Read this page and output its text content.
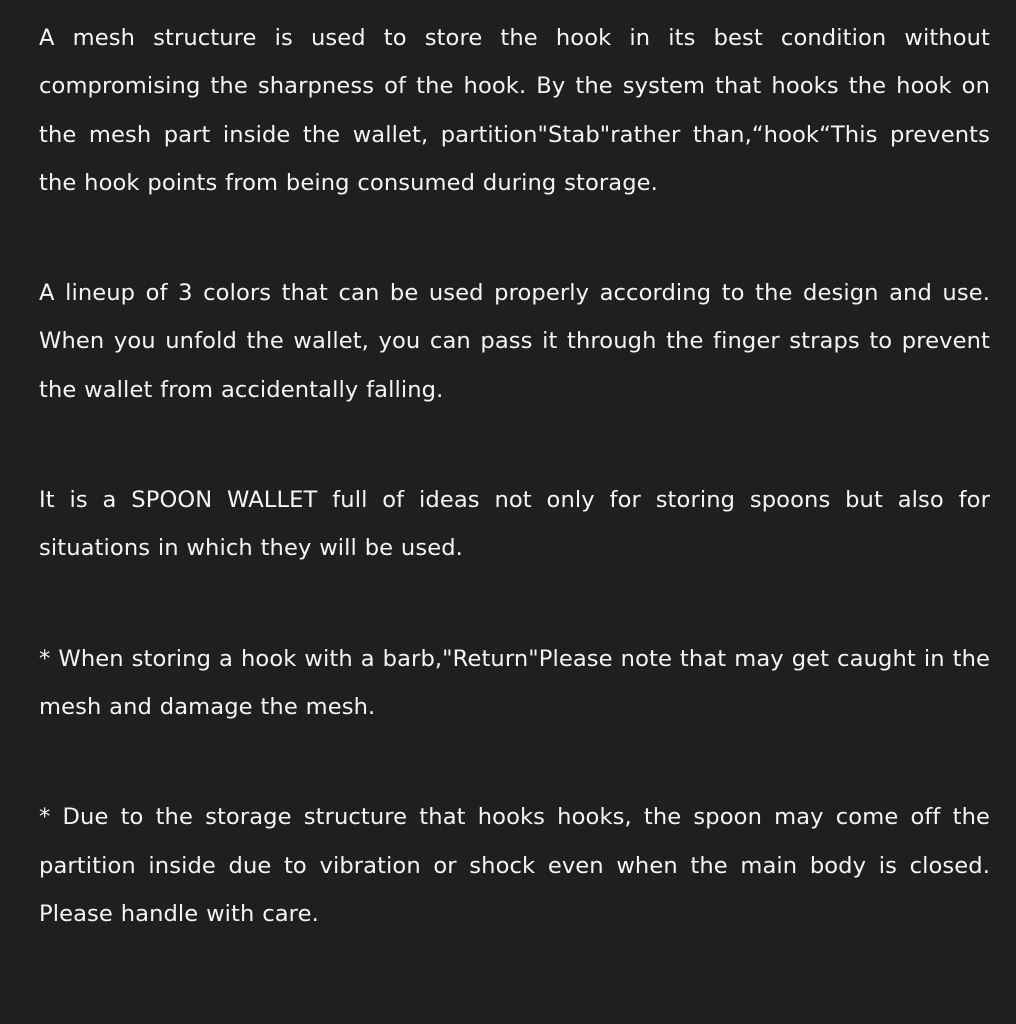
A mesh structure is used to store the hook in its best condition without compromising the sharpness of the hook. By the system that hooks the hook on the mesh part inside the wallet, partition"Stab"rather than,“hook“This prevents the hook points from being consumed during storage.

A lineup of 3 colors that can be used properly according to the design and use. When you unfold the wallet, you can pass it through the finger straps to prevent the wallet from accidentally falling.

It is a SPOON WALLET full of ideas not only for storing spoons but also for situations in which they will be used.

* When storing a hook with a barb,"Return"Please note that may get caught in the mesh and damage the mesh.

* Due to the storage structure that hooks hooks, the spoon may come off the partition inside due to vibration or shock even when the main body is closed. Please handle with care.
